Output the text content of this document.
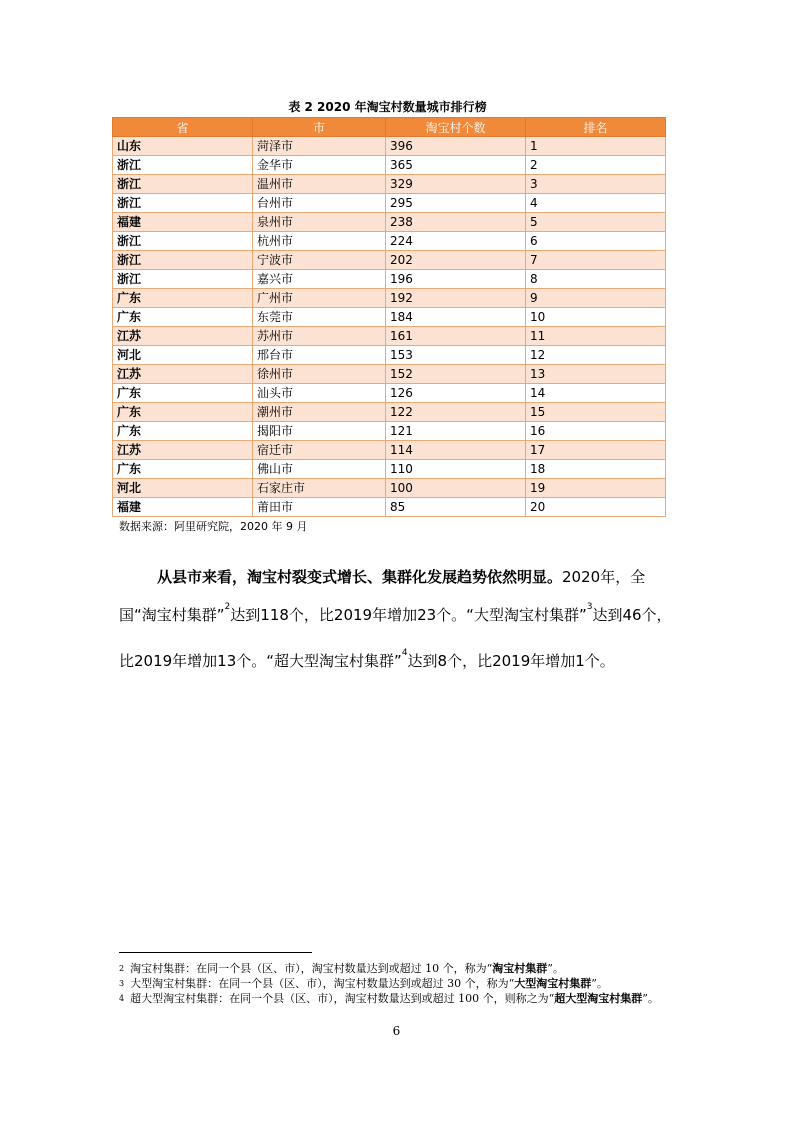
表 2 2020 年淘宝村数量城市排行榜
省	市	淘宝村个数	排名
山东	菏泽市	396	1
浙江	金华市	365	2
浙江	温州市	329	3
浙江	台州市	295	4
福建	泉州市	238	5
浙江	杭州市	224	6
浙江	宁波市	202	7
浙江	嘉兴市	196	8
广东	广州市	192	9
广东	东莞市	184	10
江苏	苏州市	161	11
河北	邢台市	153	12
江苏	徐州市	152	13
广东	汕头市	126	14
广东	潮州市	122	15
广东	揭阳市	121	16
江苏	宿迁市	114	17
广东	佛山市	110	18
河北	石家庄市	100	19
福建	莆田市	85	20
数据来源：阿里研究院，2020 年 9 月
从县市来看，淘宝村裂变式增长、集群化发展趋势依然明显。2020年，全
国“淘宝村集群”$^2$达到118个，比2019年增加23个。“大型淘宝村集群”$^3$达到46个，
比2019年增加13个。“超大型淘宝村集群”$^4$达到8个，比2019年增加1个。
$^2$ 淘宝村集群：在同一个县（区、市），淘宝村数量达到或超过 10 个，称为“淘宝村集群”。
$^3$ 大型淘宝村集群：在同一个县（区、市），淘宝村数量达到或超过 30 个，称为“大型淘宝村集群”。
$^4$ 超大型淘宝村集群：在同一个县（区、市），淘宝村数量达到或超过 100 个，则称之为“超大型淘宝村集群”。
6
